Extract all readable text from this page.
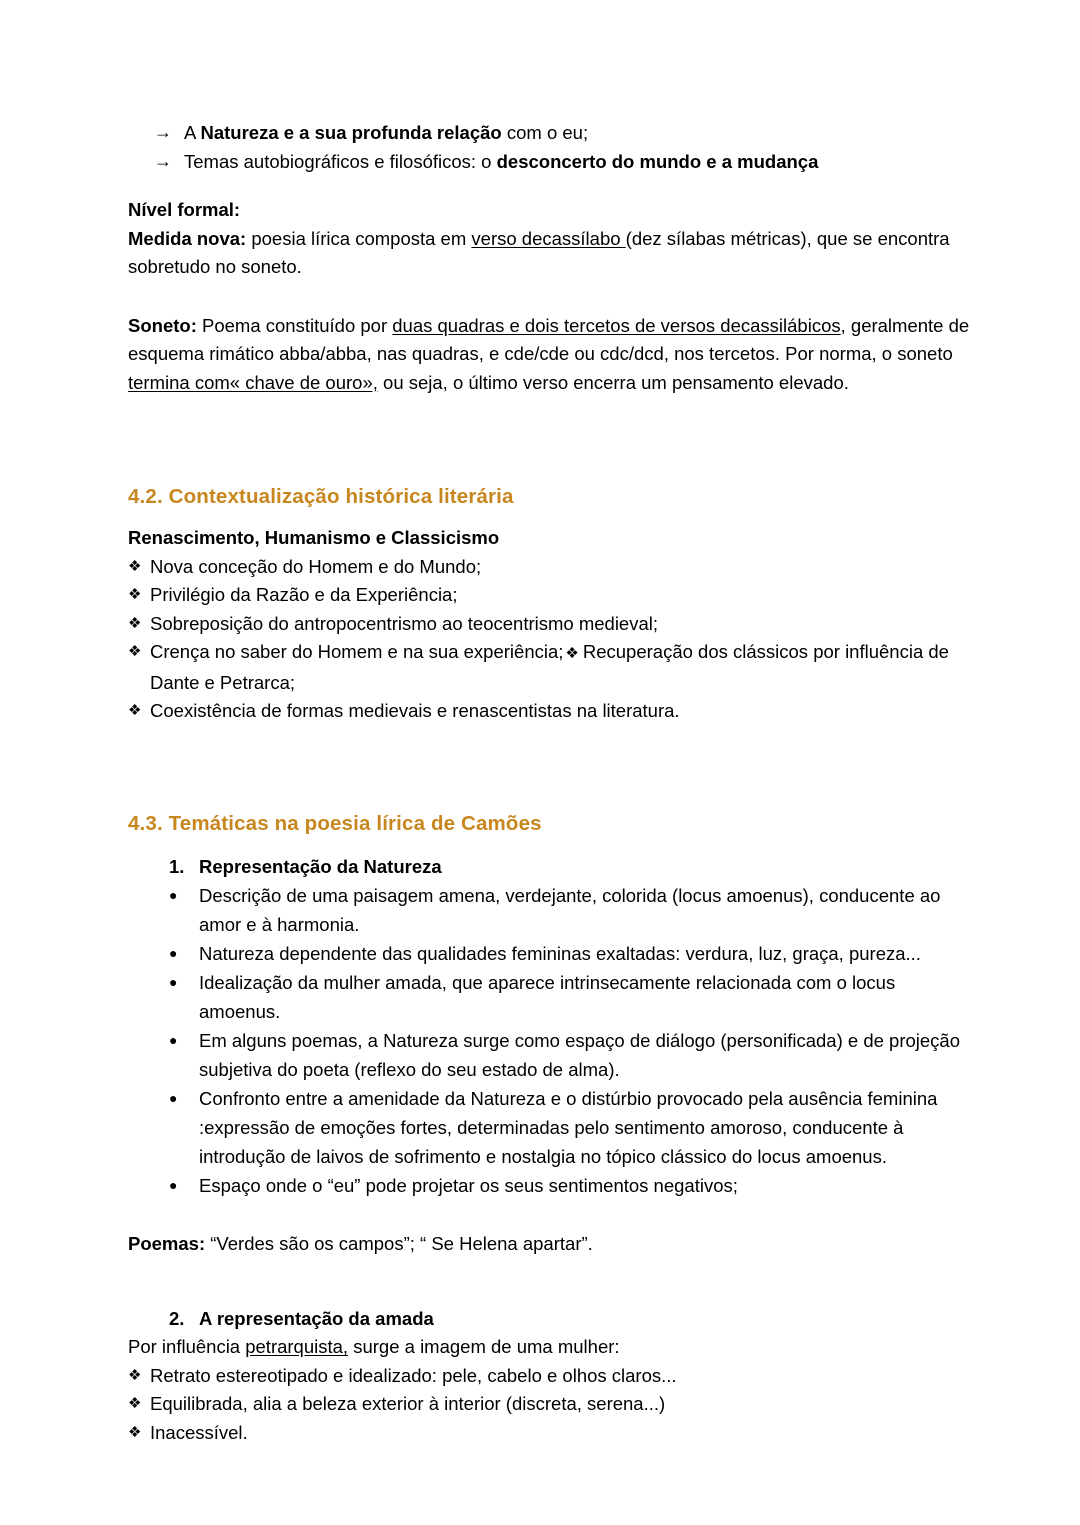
→ A Natureza e a sua profunda relação com o eu;
→ Temas autobiográficos e filosóficos: o desconcerto do mundo e a mudança

Nível formal:

Medida nova: poesia lírica composta em verso decassílabo (dez sílabas métricas), que se encontra sobretudo no soneto.

Soneto: Poema constituído por duas quadras e dois tercetos de versos decassilábicos, geralmente de esquema rimático abba/abba, nas quadras, e cde/cde ou cdc/dcd, nos tercetos. Por norma, o soneto termina com« chave de ouro», ou seja, o último verso encerra um pensamento elevado.

4.2. Contextualização histórica literária

Renascimento, Humanismo e Classicismo

❖ Nova conceção do Homem e do Mundo;
❖ Privilégio da Razão e da Experiência;
❖ Sobreposição do antropocentrismo ao teocentrismo medieval;
❖ Crença no saber do Homem e na sua experiência; ❖ Recuperação dos clássicos por influência de Dante e Petrarca;
❖ Coexistência de formas medievais e renascentistas na literatura.
4.3. Temáticas na poesia lírica de Camões
1. Representação da Natureza
●	Descrição de uma paisagem amena, verdejante, colorida (locus amoenus), conducente ao amor e à harmonia.
●	Natureza dependente das qualidades femininas exaltadas: verdura, luz, graça, pureza...
●	Idealização da mulher amada, que aparece intrinsecamente relacionada com o locus amoenus.
●	Em alguns poemas, a Natureza surge como espaço de diálogo (personificada) e de projeção subjetiva do poeta (reflexo do seu estado de alma).
●	Confronto entre a amenidade da Natureza e o distúrbio provocado pela ausência feminina :expressão de emoções fortes, determinadas pelo sentimento amoroso, conducente à introdução de laivos de sofrimento e nostalgia no tópico clássico do locus amoenus.
●	Espaço onde o “eu” pode projetar os seus sentimentos negativos;

Poemas: “Verdes são os campos”; “ Se Helena apartar”.

2. A representação da amada

Por influência petrarquista, surge a imagem de uma mulher:

❖ Retrato estereotipado e idealizado: pele, cabelo e olhos claros...
❖ Equilibrada, alia a beleza exterior à interior (discreta, serena...)
❖ Inacessível.
